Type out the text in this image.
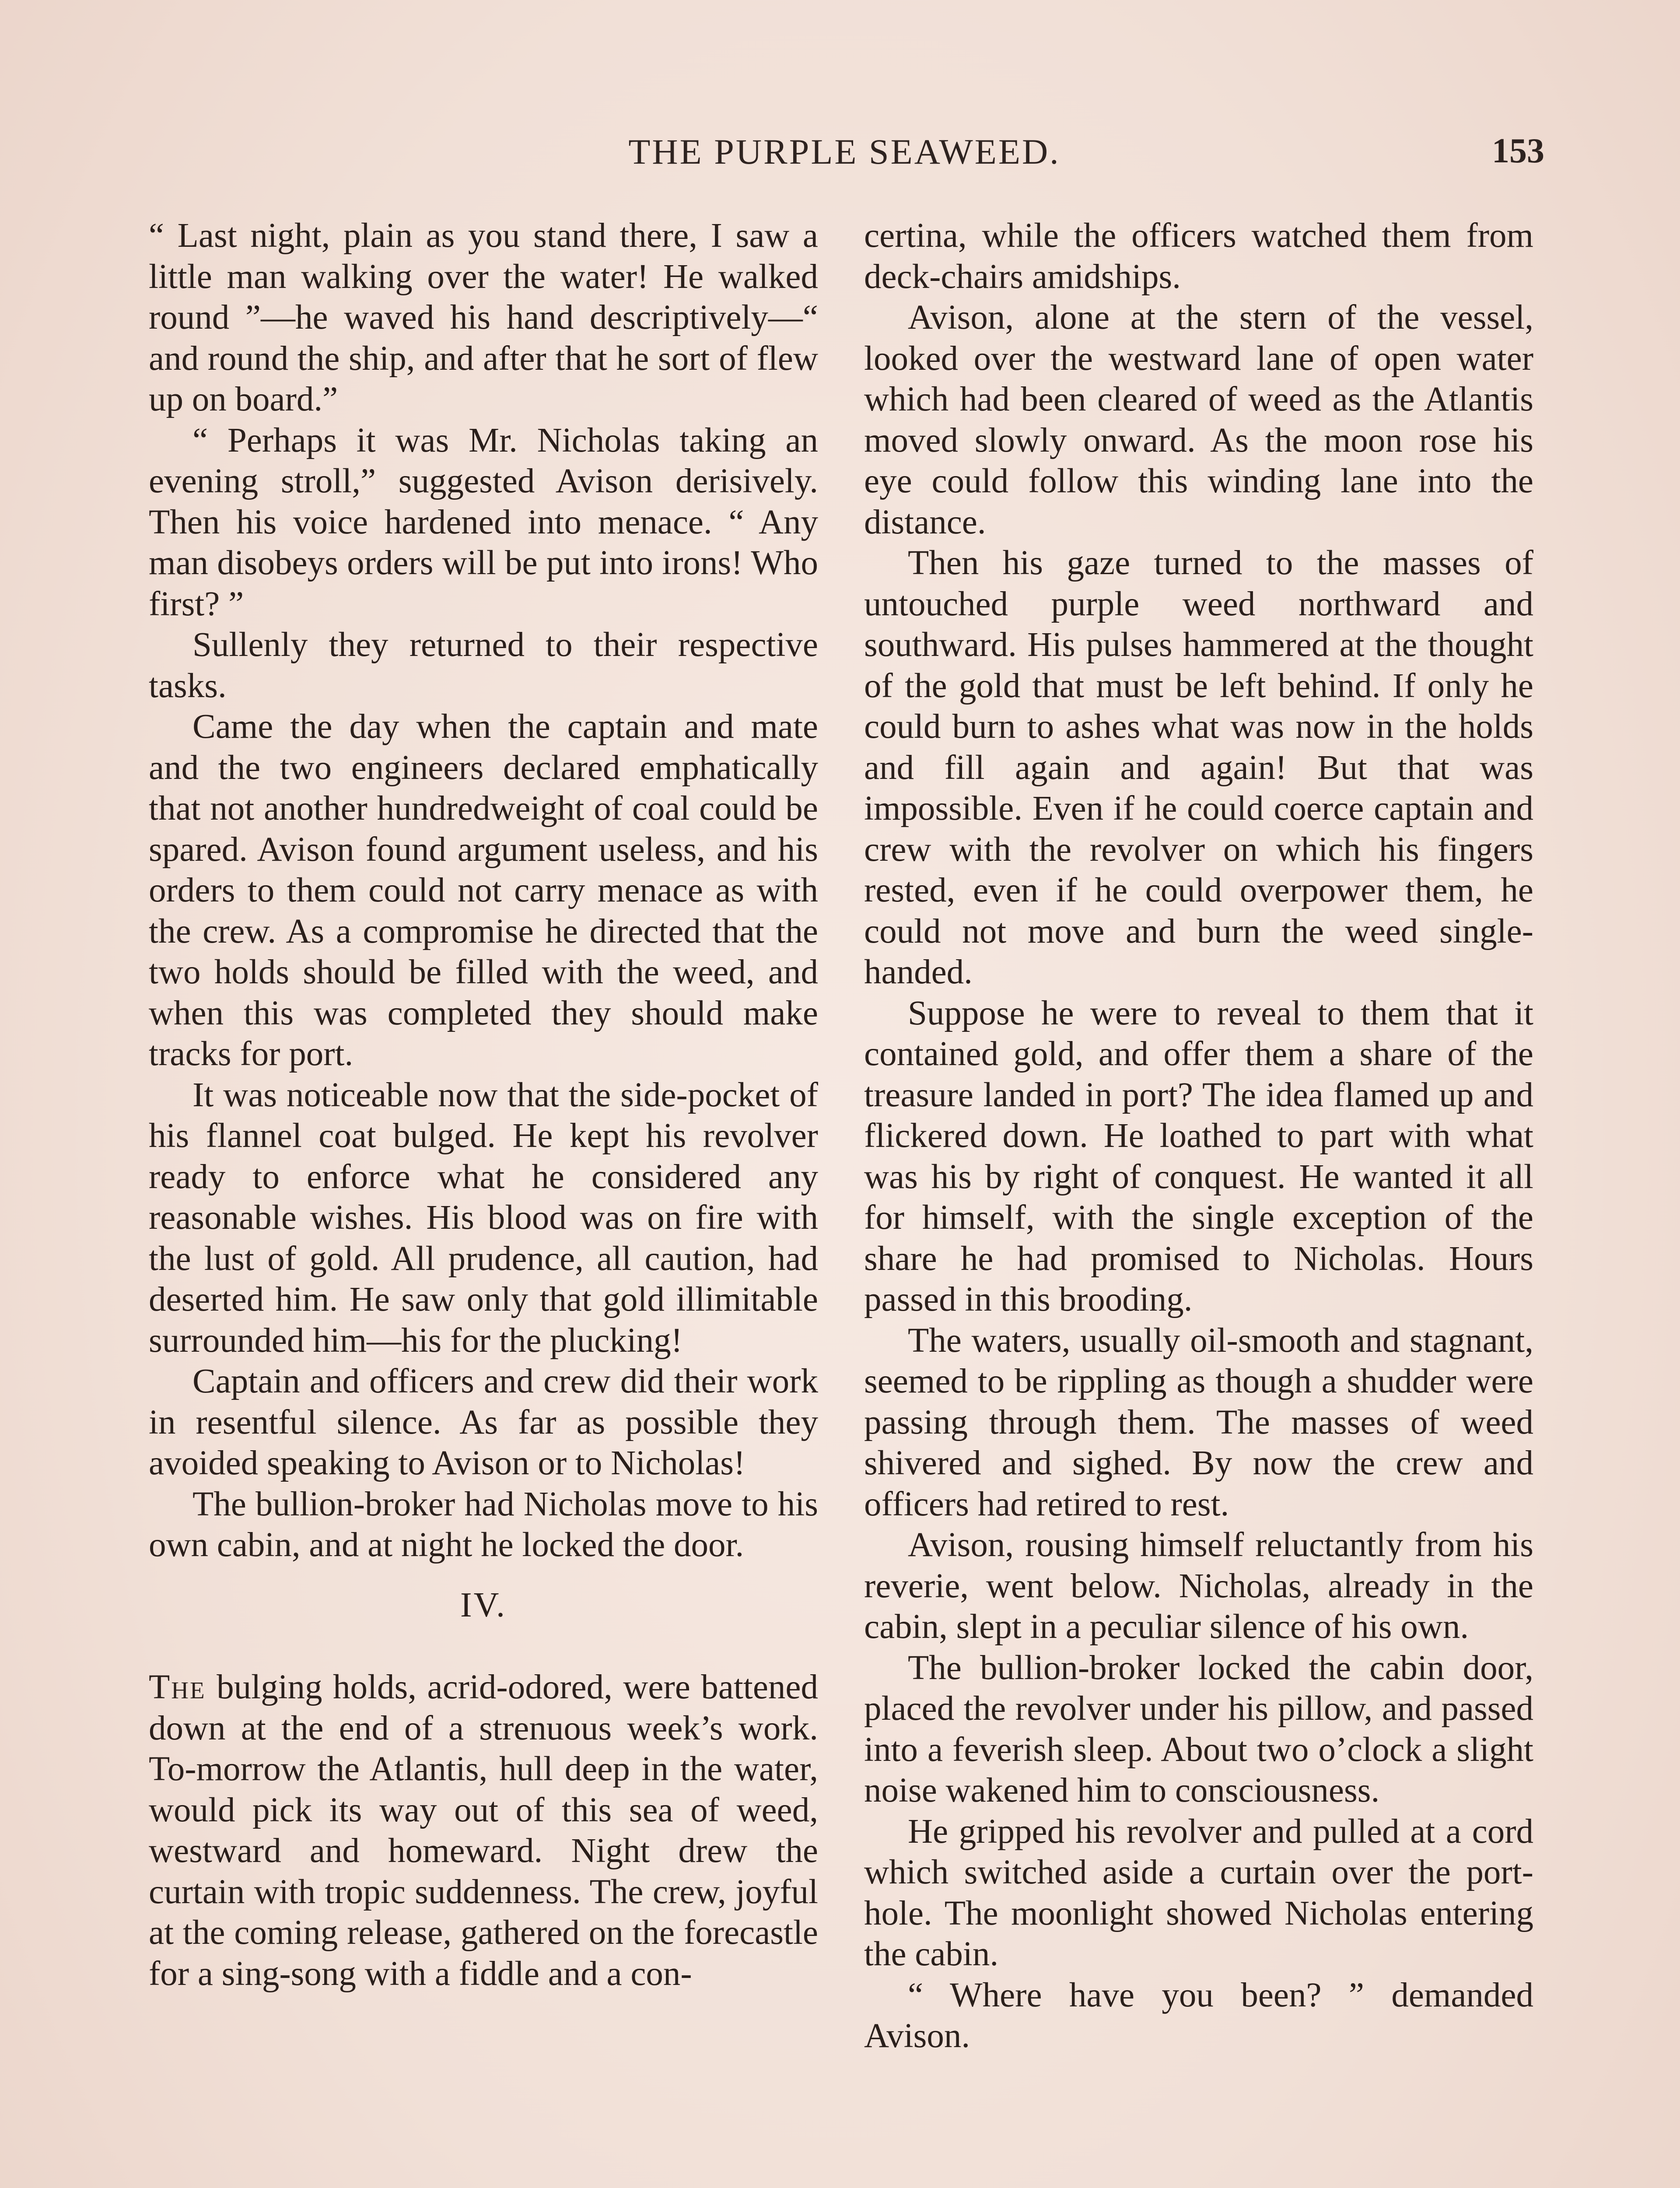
THE PURPLE SEAWEED.	153

“ Last night, plain as you stand there, I saw a little man walking over the water! He walked round ”—he waved his hand descriptively—“ and round the ship, and after that he sort of flew up on board.”

“ Perhaps it was Mr. Nicholas taking an evening stroll,” suggested Avison derisively. Then his voice hardened into menace. “ Any man disobeys orders will be put into irons! Who first? ”

Sullenly they returned to their respective tasks.

Came the day when the captain and mate and the two engineers declared emphatically that not another hundredweight of coal could be spared. Avison found argument useless, and his orders to them could not carry menace as with the crew. As a compromise he directed that the two holds should be filled with the weed, and when this was completed they should make tracks for port.

It was noticeable now that the side-pocket of his flannel coat bulged. He kept his revolver ready to enforce what he considered any reasonable wishes. His blood was on fire with the lust of gold. All prudence, all caution, had deserted him. He saw only that gold illimitable surrounded him—his for the plucking!

Captain and officers and crew did their work in resentful silence. As far as possible they avoided speaking to Avison or to Nicholas!

The bullion-broker had Nicholas move to his own cabin, and at night he locked the door.

IV.

The bulging holds, acrid-odored, were battened down at the end of a strenuous week’s work. To-morrow the Atlantis, hull deep in the water, would pick its way out of this sea of weed, westward and homeward. Night drew the curtain with tropic suddenness. The crew, joyful at the coming release, gathered on the forecastle for a sing-song with a fiddle and a con-

certina, while the officers watched them from deck-chairs amidships.

Avison, alone at the stern of the vessel, looked over the westward lane of open water which had been cleared of weed as the Atlantis moved slowly onward. As the moon rose his eye could follow this winding lane into the distance.

Then his gaze turned to the masses of untouched purple weed northward and southward. His pulses hammered at the thought of the gold that must be left behind. If only he could burn to ashes what was now in the holds and fill again and again! But that was impossible. Even if he could coerce captain and crew with the revolver on which his fingers rested, even if he could overpower them, he could not move and burn the weed single-handed.

Suppose he were to reveal to them that it contained gold, and offer them a share of the treasure landed in port? The idea flamed up and flickered down. He loathed to part with what was his by right of conquest. He wanted it all for himself, with the single exception of the share he had promised to Nicholas. Hours passed in this brooding.

The waters, usually oil-smooth and stagnant, seemed to be rippling as though a shudder were passing through them. The masses of weed shivered and sighed. By now the crew and officers had retired to rest.

Avison, rousing himself reluctantly from his reverie, went below. Nicholas, already in the cabin, slept in a peculiar silence of his own.

The bullion-broker locked the cabin door, placed the revolver under his pillow, and passed into a feverish sleep. About two o’clock a slight noise wakened him to consciousness.

He gripped his revolver and pulled at a cord which switched aside a curtain over the port-hole. The moonlight showed Nicholas entering the cabin.

“ Where have you been? ” demanded Avison.
